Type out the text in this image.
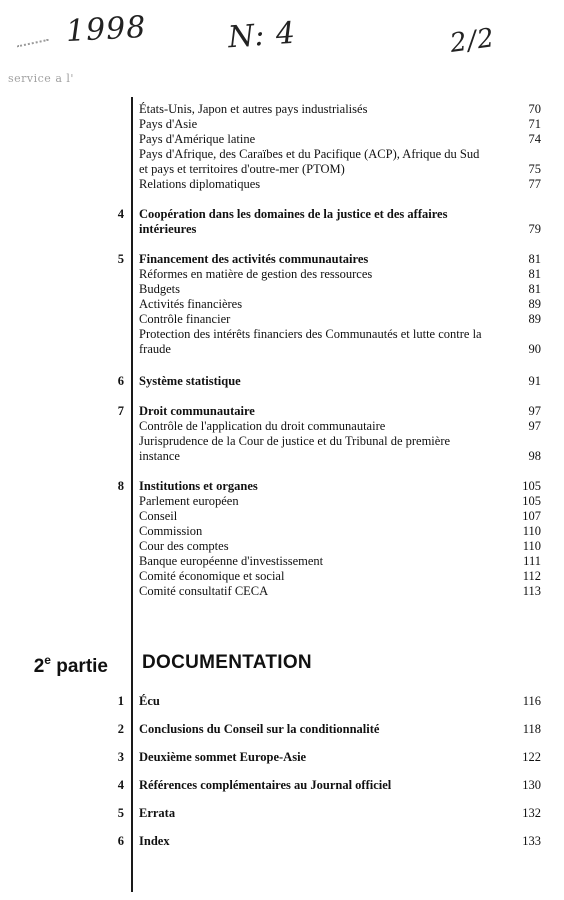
1998	N: 4	2/2
service a l'
États-Unis, Japon et autres pays industrialisés	70
Pays d'Asie	71
Pays d'Amérique latine	74
Pays d'Afrique, des Caraïbes et du Pacifique (ACP), Afrique du Sud et pays et territoires d'outre-mer (PTOM)	75
Relations diplomatiques	77
4 Coopération dans les domaines de la justice et des affaires intérieures	79
5 Financement des activités communautaires	81
Réformes en matière de gestion des ressources	81
Budgets	81
Activités financières	89
Contrôle financier	89
Protection des intérêts financiers des Communautés et lutte contre la fraude	90
6 Système statistique	91
7 Droit communautaire	97
Contrôle de l'application du droit communautaire	97
Jurisprudence de la Cour de justice et du Tribunal de première instance	98
8 Institutions et organes	105
Parlement européen	105
Conseil	107
Commission	110
Cour des comptes	110
Banque européenne d'investissement	111
Comité économique et social	112
Comité consultatif CECA	113
2e partie DOCUMENTATION
1 Écu	116
2 Conclusions du Conseil sur la conditionnalité	118
3 Deuxième sommet Europe-Asie	122
4 Références complémentaires au Journal officiel	130
5 Errata	132
6 Index	133
